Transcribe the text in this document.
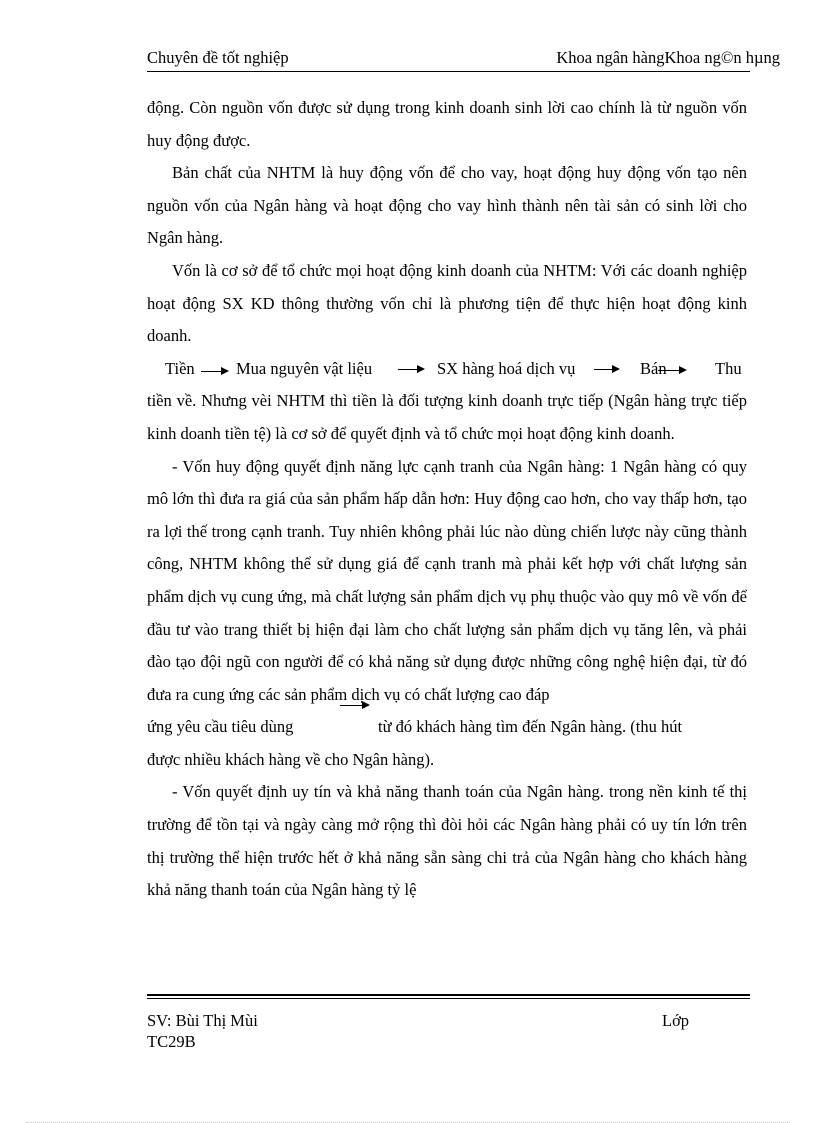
Chuyên đề tốt nghiệp	Khoa ngân hàngKhoa ng©n hµng

động. Còn nguồn vốn được sử dụng trong kinh doanh sinh lời cao chính là từ nguồn vốn huy động được.

Bản chất của NHTM là huy động vốn để cho vay, hoạt động huy động vốn tạo nên nguồn vốn của Ngân hàng và hoạt động cho vay hình thành nên tài sản có sinh lời cho Ngân hàng.

Vốn là cơ sở để tổ chức mọi hoạt động kinh doanh của NHTM: Với các doanh nghiệp hoạt động SX KD thông thường vốn chỉ là phương tiện để thực hiện hoạt động kinh doanh.

Tiền	Mua nguyên vật liệu	SX hàng hoá dịch vụ	Bán	Thu

tiền về. Nhưng vèi NHTM thì tiền là đối tượng kinh doanh trực tiếp (Ngân hàng trực tiếp kinh doanh tiền tệ) là cơ sở để quyết định và tổ chức mọi hoạt động kinh doanh.

- Vốn huy động quyết định năng lực cạnh tranh của Ngân hàng: 1 Ngân hàng có quy mô lớn thì đưa ra giá của sản phẩm hấp dẫn hơn: Huy động cao hơn, cho vay thấp hơn, tạo ra lợi thế trong cạnh tranh. Tuy nhiên không phải lúc nào dùng chiến lược này cũng thành công, NHTM không thể sử dụng giá để cạnh tranh mà phải kết hợp với chất lượng sản phẩm dịch vụ cung ứng, mà chất lượng sản phẩm dịch vụ phụ thuộc vào quy mô về vốn để đầu tư vào trang thiết bị hiện đại làm cho chất lượng sản phẩm dịch vụ tăng lên, và phải đào tạo đội ngũ con người để có khả năng sử dụng được những công nghệ hiện đại, từ đó đưa ra cung ứng các sản phẩm dịch vụ có chất lượng cao đáp

ứng yêu cầu tiêu dùng	từ đó khách hàng tìm đến Ngân hàng. (thu hút

được nhiều khách hàng về cho Ngân hàng).

- Vốn quyết định uy tín và khả năng thanh toán của Ngân hàng. trong nền kinh tế thị trường để tồn tại và ngày càng mở rộng thì đòi hỏi các Ngân hàng phải có uy tín lớn trên thị trường thể hiện trước hết ở khả năng sẵn sàng chi trả của Ngân hàng cho khách hàng khả năng thanh toán của Ngân hàng tỷ lệ

SV: Bùi Thị Mùi
TC29B
Lớp
